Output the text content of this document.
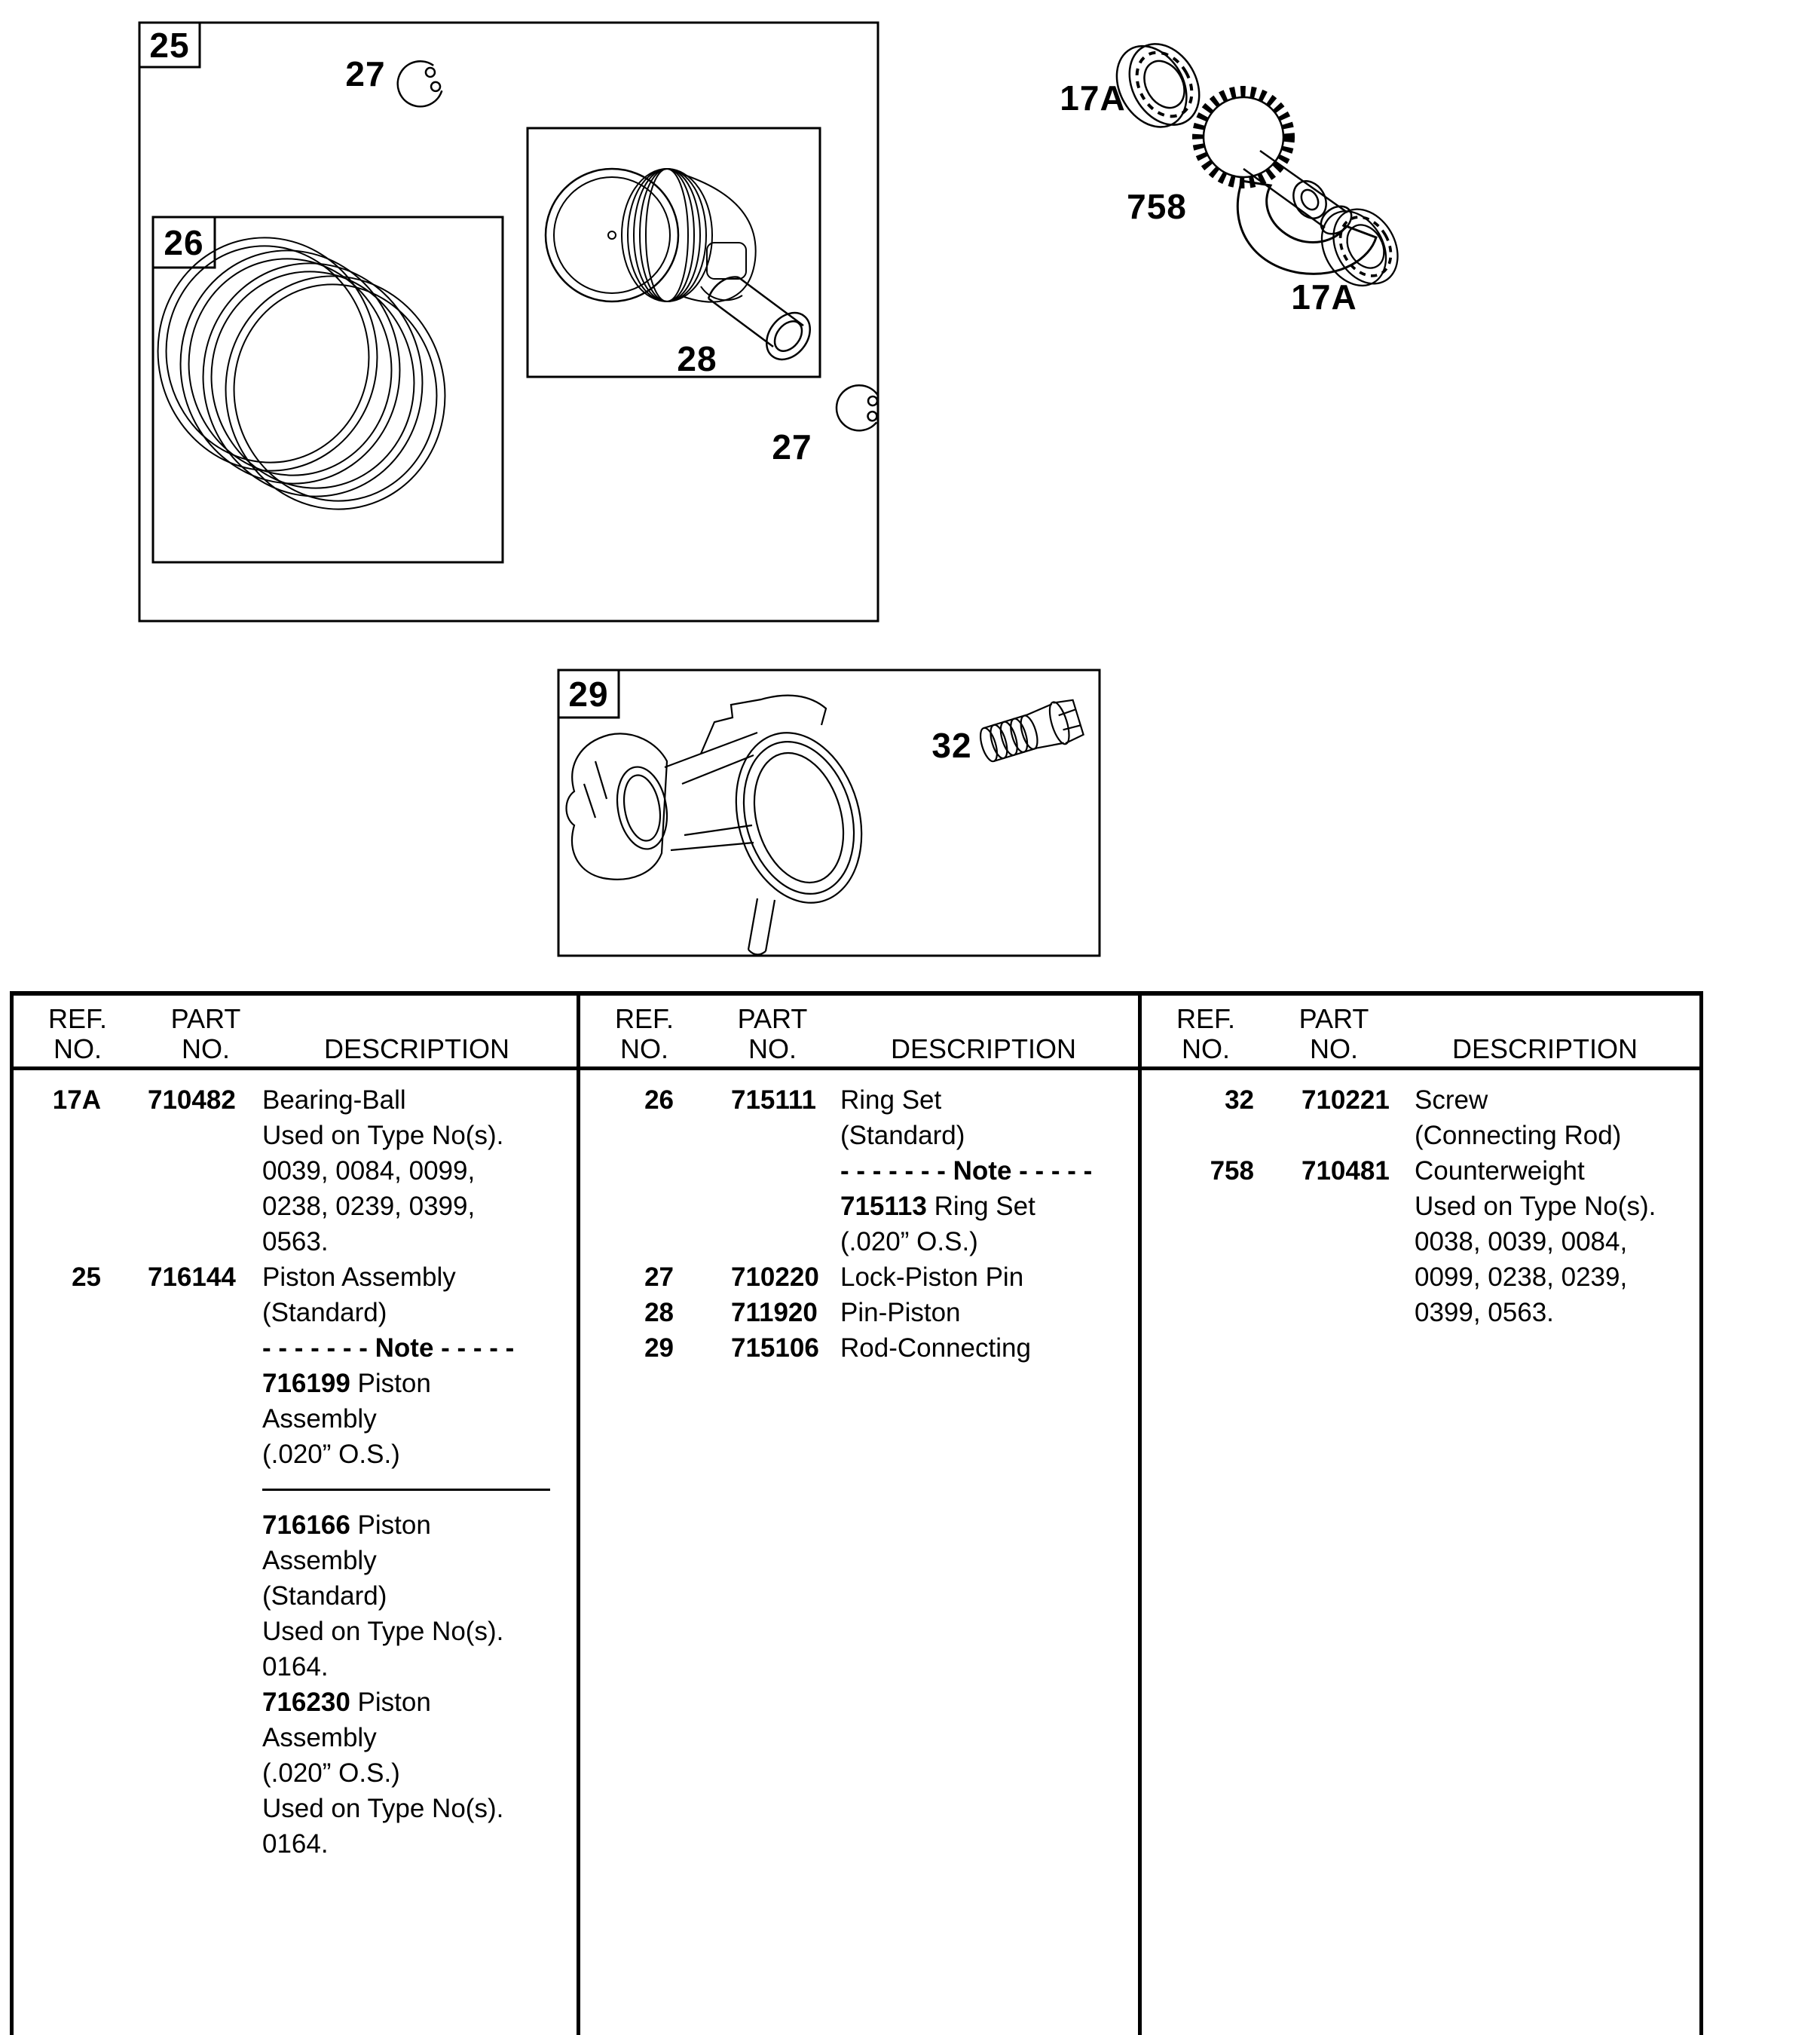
25
26
27
28
27
17A
758
17A
29
32
REF.
NO.
PART
NO.	DESCRIPTION
17A 710482 Bearing-Ball
Used on Type No(s).
0039, 0084, 0099,
0238, 0239, 0399,
0563.
25 716144 Piston Assembly
(Standard)
- - - - - - - Note - - - - -
716199 Piston
Assembly
(.020” O.S.)
716166 Piston
Assembly
(Standard)
Used on Type No(s).
0164.
716230 Piston
Assembly
(.020” O.S.)
Used on Type No(s).
0164.
REF.
NO.
PART
NO.	DESCRIPTION
26 715111 Ring Set
(Standard)
- - - - - - - Note - - - - -
715113 Ring Set
(.020” O.S.)
27 710220 Lock-Piston Pin
28 711920 Pin-Piston
29 715106 Rod-Connecting
REF.
NO.
PART
NO.	DESCRIPTION
32 710221 Screw
(Connecting Rod)
758 710481 Counterweight
Used on Type No(s).
0038, 0039, 0084,
0099, 0238, 0239,
0399, 0563.
